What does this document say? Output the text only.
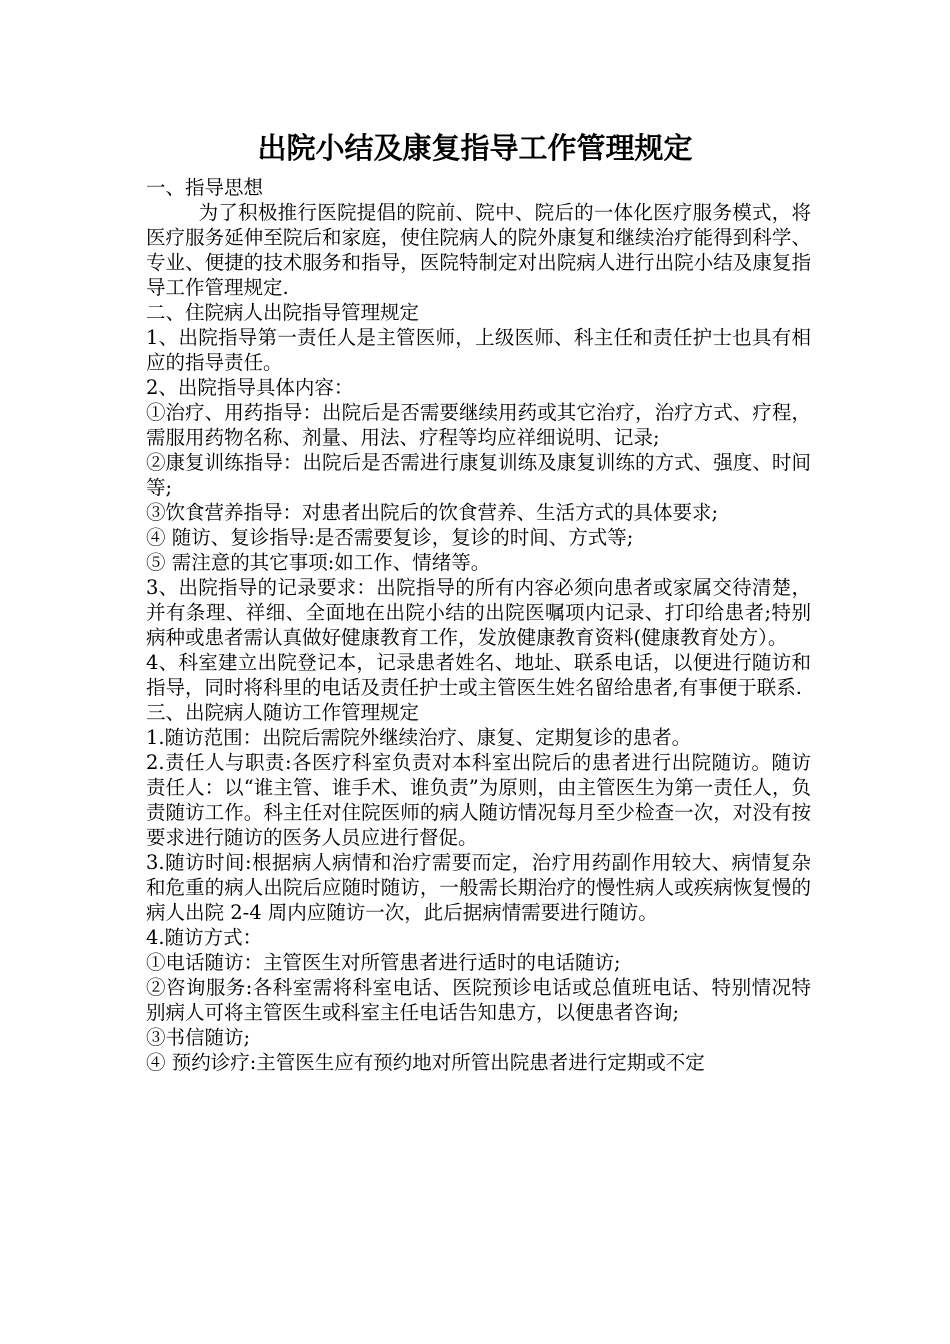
出院小结及康复指导工作管理规定

一、指导思想

为了积极推行医院提倡的院前、院中、院后的一体化医疗服务模式，将医疗服务延伸至院后和家庭，使住院病人的院外康复和继续治疗能得到科学、专业、便捷的技术服务和指导，医院特制定对出院病人进行出院小结及康复指导工作管理规定.

二、住院病人出院指导管理规定

1、出院指导第一责任人是主管医师，上级医师、科主任和责任护士也具有相应的指导责任。

2、出院指导具体内容：

①治疗、用药指导：出院后是否需要继续用药或其它治疗，治疗方式、疗程，需服用药物名称、剂量、用法、疗程等均应祥细说明、记录;

②康复训练指导：出院后是否需进行康复训练及康复训练的方式、强度、时间等;

③饮食营养指导：对患者出院后的饮食营养、生活方式的具体要求;

④ 随访、复诊指导:是否需要复诊，复诊的时间、方式等;

⑤ 需注意的其它事项:如工作、情绪等。

3、出院指导的记录要求：出院指导的所有内容必须向患者或家属交待清楚，并有条理、祥细、全面地在出院小结的出院医嘱项内记录、打印给患者;特别病种或患者需认真做好健康教育工作，发放健康教育资料(健康教育处方）。

4、科室建立出院登记本，记录患者姓名、地址、联系电话，以便进行随访和指导，同时将科里的电话及责任护士或主管医生姓名留给患者,有事便于联系.

三、出院病人随访工作管理规定

1.随访范围：出院后需院外继续治疗、康复、定期复诊的患者。

2.责任人与职责:各医疗科室负责对本科室出院后的患者进行出院随访。随访责任人：以“谁主管、谁手术、谁负责”为原则，由主管医生为第一责任人，负责随访工作。科主任对住院医师的病人随访情况每月至少检查一次，对没有按要求进行随访的医务人员应进行督促。

3.随访时间:根据病人病情和治疗需要而定，治疗用药副作用较大、病情复杂和危重的病人出院后应随时随访，一般需长期治疗的慢性病人或疾病恢复慢的病人出院 2-4 周内应随访一次，此后据病情需要进行随访。

4.随访方式：

①电话随访：主管医生对所管患者进行适时的电话随访;

②咨询服务:各科室需将科室电话、医院预诊电话或总值班电话、特别情况特别病人可将主管医生或科室主任电话告知患方，以便患者咨询;

③书信随访;

④ 预约诊疗:主管医生应有预约地对所管出院患者进行定期或不定
